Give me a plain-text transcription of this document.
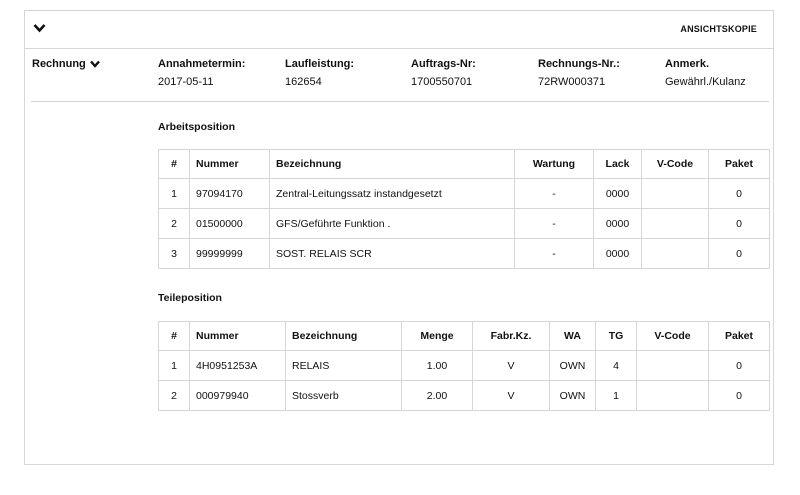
ANSICHTSKOPIE
Rechnung	Annahmetermin:
2017-05-11
Laufleistung:
162654
Auftrags-Nr:
1700550701
Rechnungs-Nr.:
72RW000371
Anmerk.
Gewährl./Kulanz
Arbeitsposition
#	Nummer	Bezeichnung	Wartung	Lack	V-Code	Paket
1	97094170	Zentral-Leitungssatz instandgesetzt	-	0000		0
2	01500000	GFS/Geführte Funktion .	-	0000		0
3	99999999	SOST. RELAIS SCR	-	0000		0
Teileposition
#	Nummer	Bezeichnung	Menge	Fabr.Kz.	WA	TG	V-Code	Paket
1	4H0951253A	RELAIS	1.00	V	OWN	4		0
2	000979940	Stossverb	2.00	V	OWN	1		0
